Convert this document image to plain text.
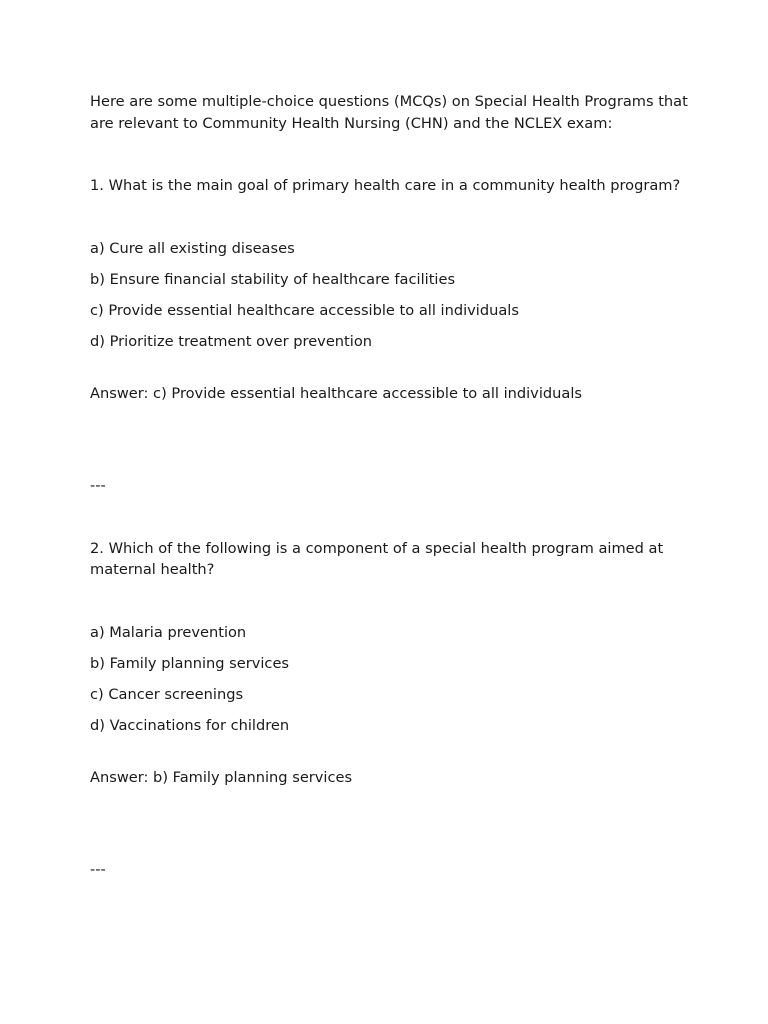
Here are some multiple-choice questions (MCQs) on Special Health Programs that are relevant to Community Health Nursing (CHN) and the NCLEX exam:

1. What is the main goal of primary health care in a community health program?

a) Cure all existing diseases

b) Ensure financial stability of healthcare facilities

c) Provide essential healthcare accessible to all individuals

d) Prioritize treatment over prevention

Answer: c) Provide essential healthcare accessible to all individuals

---

2. Which of the following is a component of a special health program aimed at maternal health?

a) Malaria prevention

b) Family planning services

c) Cancer screenings

d) Vaccinations for children

Answer: b) Family planning services

---
